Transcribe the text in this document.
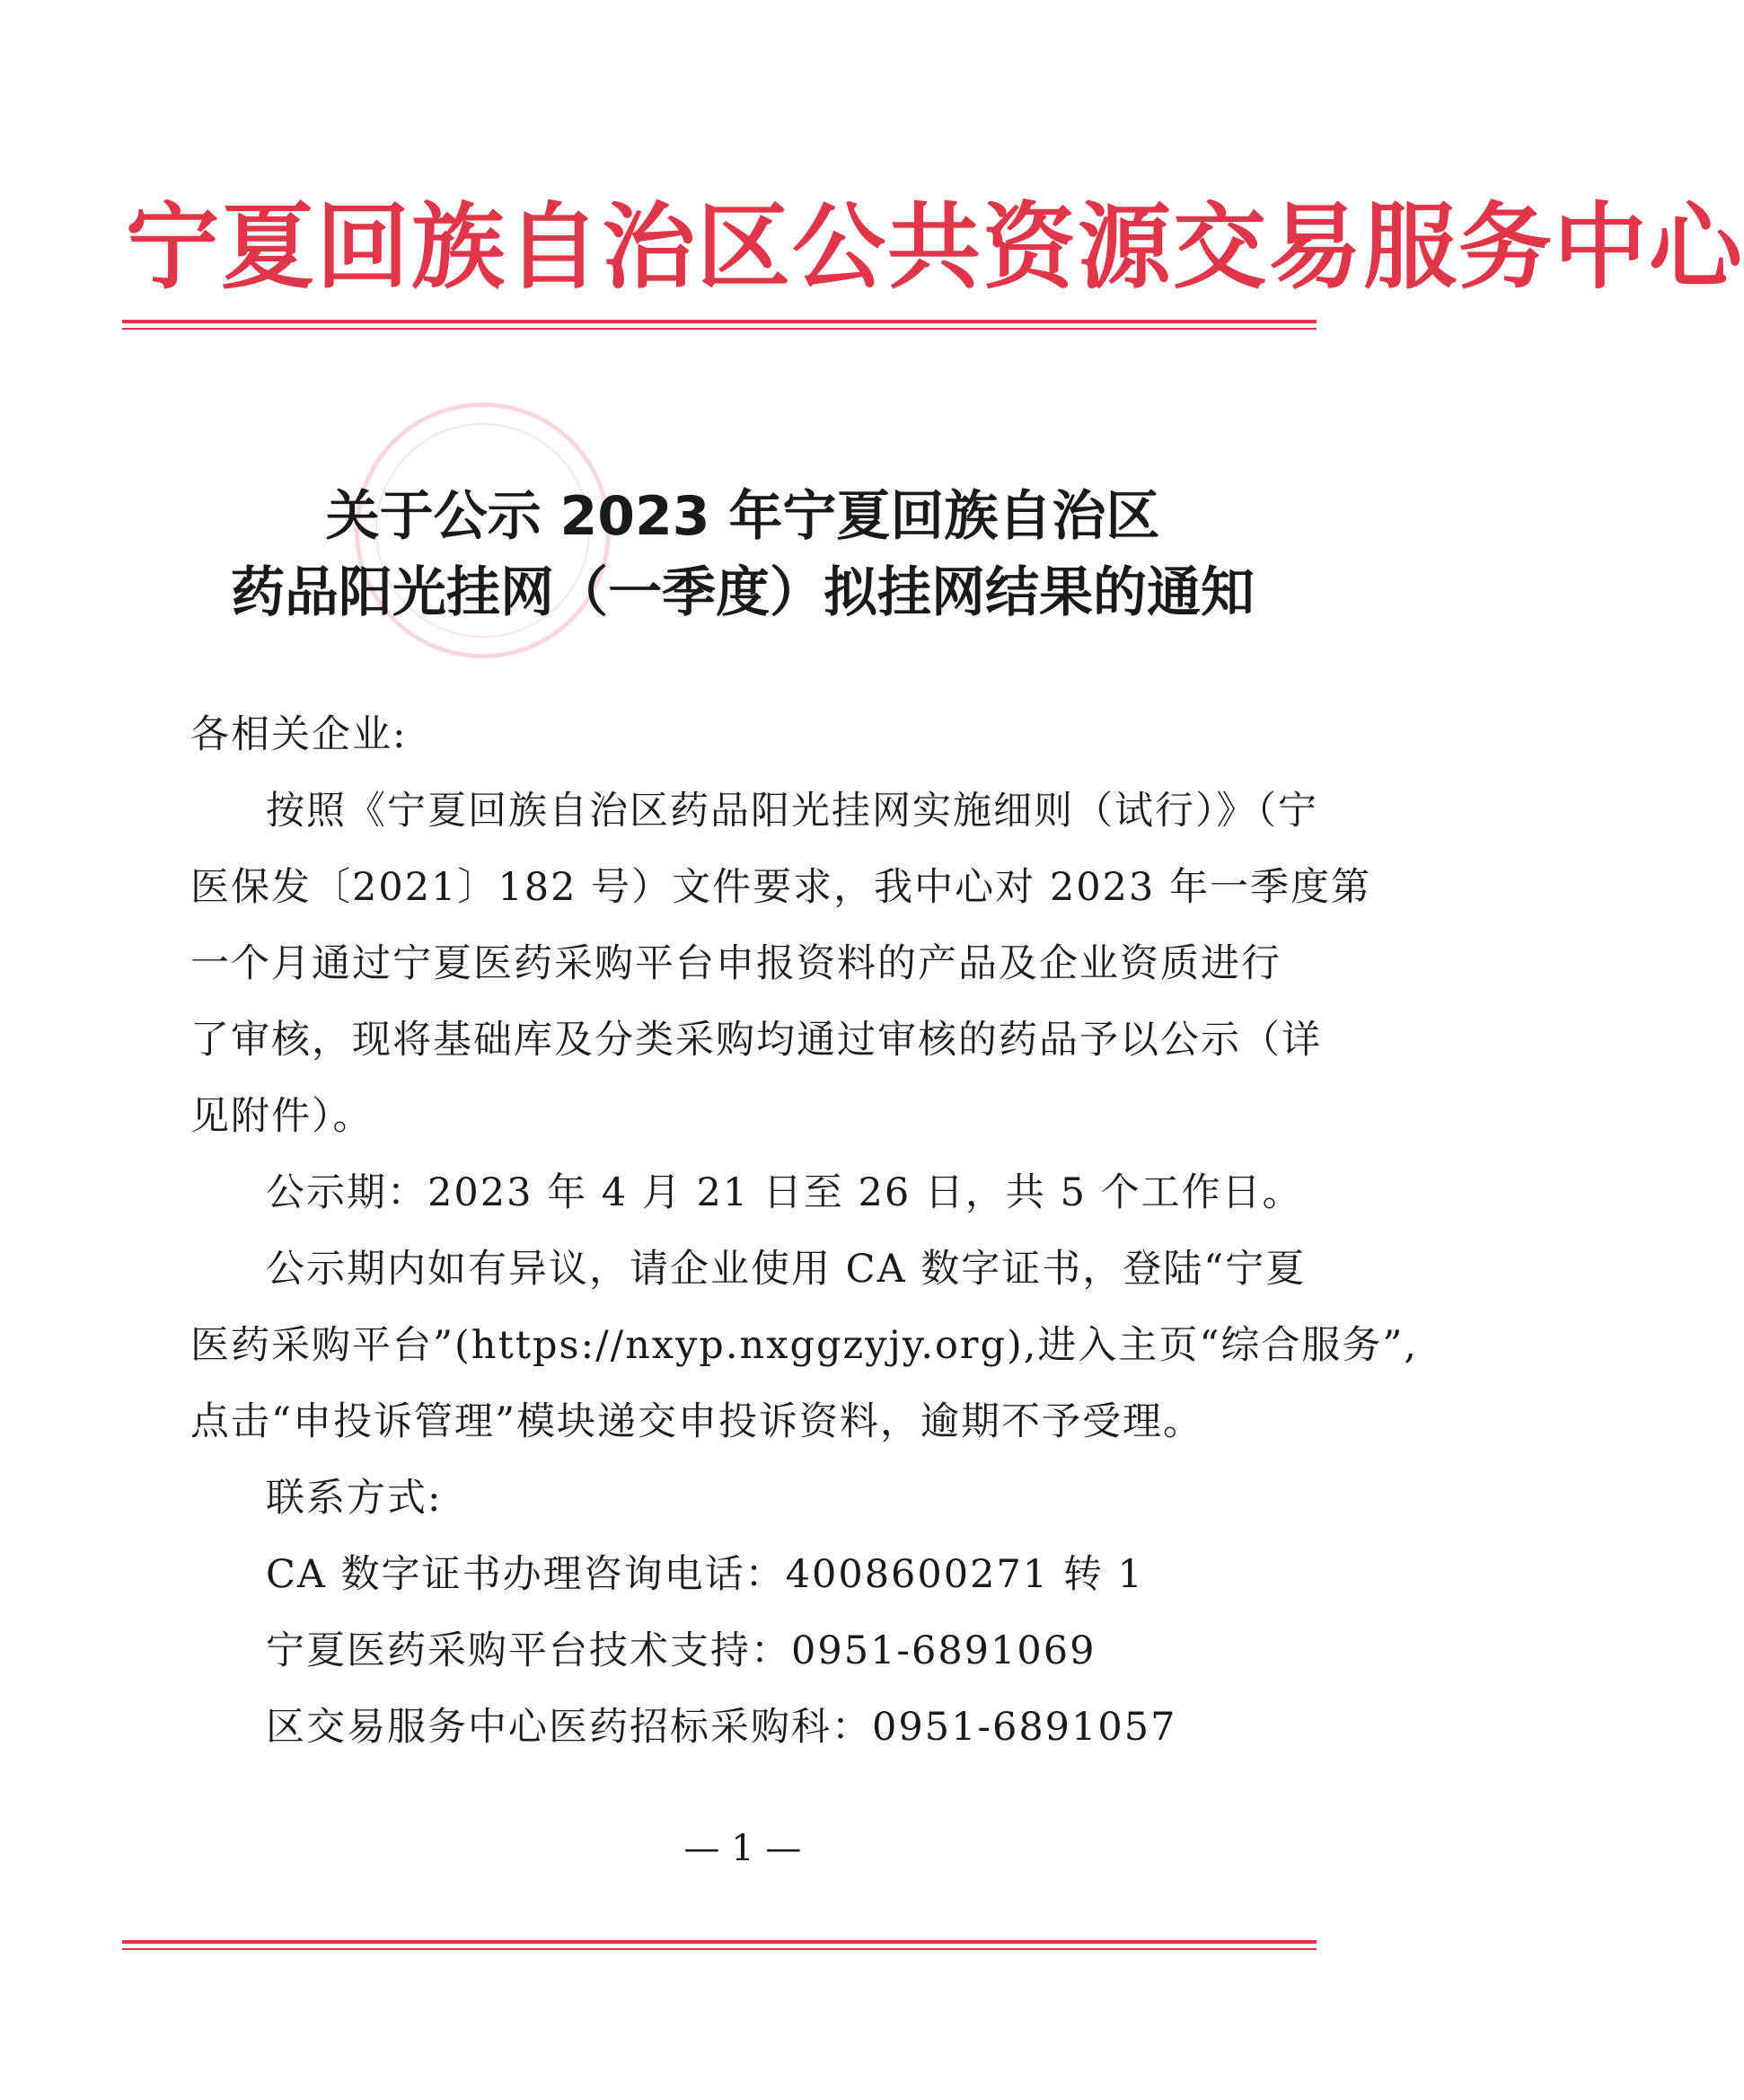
宁夏回族自治区公共资源交易服务中心
关于公示 2023 年宁夏回族自治区
药品阳光挂网（一季度）拟挂网结果的通知
各相关企业:
按照《宁夏回族自治区药品阳光挂网实施细则（试行）》（宁
医保发〔2021〕182 号）文件要求，我中心对 2023 年一季度第
一个月通过宁夏医药采购平台申报资料的产品及企业资质进行
了审核，现将基础库及分类采购均通过审核的药品予以公示（详
见附件）。
公示期：2023 年 4 月 21 日至 26 日，共 5 个工作日。
公示期内如有异议，请企业使用 CA 数字证书，登陆“宁夏
医药采购平台”(https://nxyp.nxggzyjy.org),进入主页“综合服务”,
点击“申投诉管理”模块递交申投诉资料，逾期不予受理。
联系方式:
CA 数字证书办理咨询电话：4008600271 转 1
宁夏医药采购平台技术支持：0951-6891069
区交易服务中心医药招标采购科：0951-6891057
— 1 —
